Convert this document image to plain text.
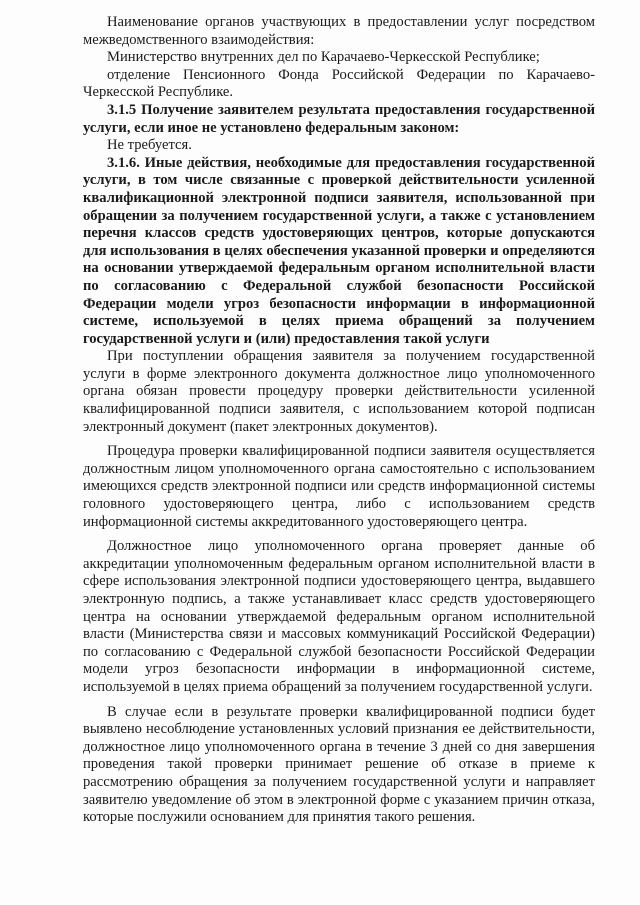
Наименование органов участвующих в предоставлении услуг посредством межведомственного взаимодействия:

Министерство внутренних дел по Карачаево-Черкесской Республике;

отделение Пенсионного Фонда Российской Федерации по Карачаево-Черкесской Республике.

3.1.5 Получение заявителем результата предоставления государственной услуги, если иное не установлено федеральным законом:

Не требуется.

3.1.6. Иные действия, необходимые для предоставления государственной услуги, в том числе связанные с проверкой действительности усиленной квалификационной электронной подписи заявителя, использованной при обращении за получением государственной услуги, а также с установлением перечня классов средств удостоверяющих центров, которые допускаются для использования в целях обеспечения указанной проверки и определяются на основании утверждаемой федеральным органом исполнительной власти по согласованию с Федеральной службой безопасности Российской Федерации модели угроз безопасности информации в информационной системе, используемой в целях приема обращений за получением государственной услуги и (или) предоставления такой услуги

При поступлении обращения заявителя за получением государственной услуги в форме электронного документа должностное лицо уполномоченного органа обязан провести процедуру проверки действительности усиленной квалифицированной подписи заявителя, с использованием которой подписан электронный документ (пакет электронных документов).

Процедура проверки квалифицированной подписи заявителя осуществляется должностным лицом уполномоченного органа самостоятельно с использованием имеющихся средств электронной подписи или средств информационной системы головного удостоверяющего центра, либо с использованием средств информационной системы аккредитованного удостоверяющего центра.

Должностное лицо уполномоченного органа проверяет данные об аккредитации уполномоченным федеральным органом исполнительной власти в сфере использования электронной подписи удостоверяющего центра, выдавшего электронную подпись, а также устанавливает класс средств удостоверяющего центра на основании утверждаемой федеральным органом исполнительной власти (Министерства связи и массовых коммуникаций Российской Федерации) по согласованию с Федеральной службой безопасности Российской Федерации модели угроз безопасности информации в информационной системе, используемой в целях приема обращений за получением государственной услуги.

В случае если в результате проверки квалифицированной подписи будет выявлено несоблюдение установленных условий признания ее действительности, должностное лицо уполномоченного органа в течение 3 дней со дня завершения проведения такой проверки принимает решение об отказе в приеме к рассмотрению обращения за получением государственной услуги и направляет заявителю уведомление об этом в электронной форме с указанием причин отказа, которые послужили основанием для принятия такого решения.
